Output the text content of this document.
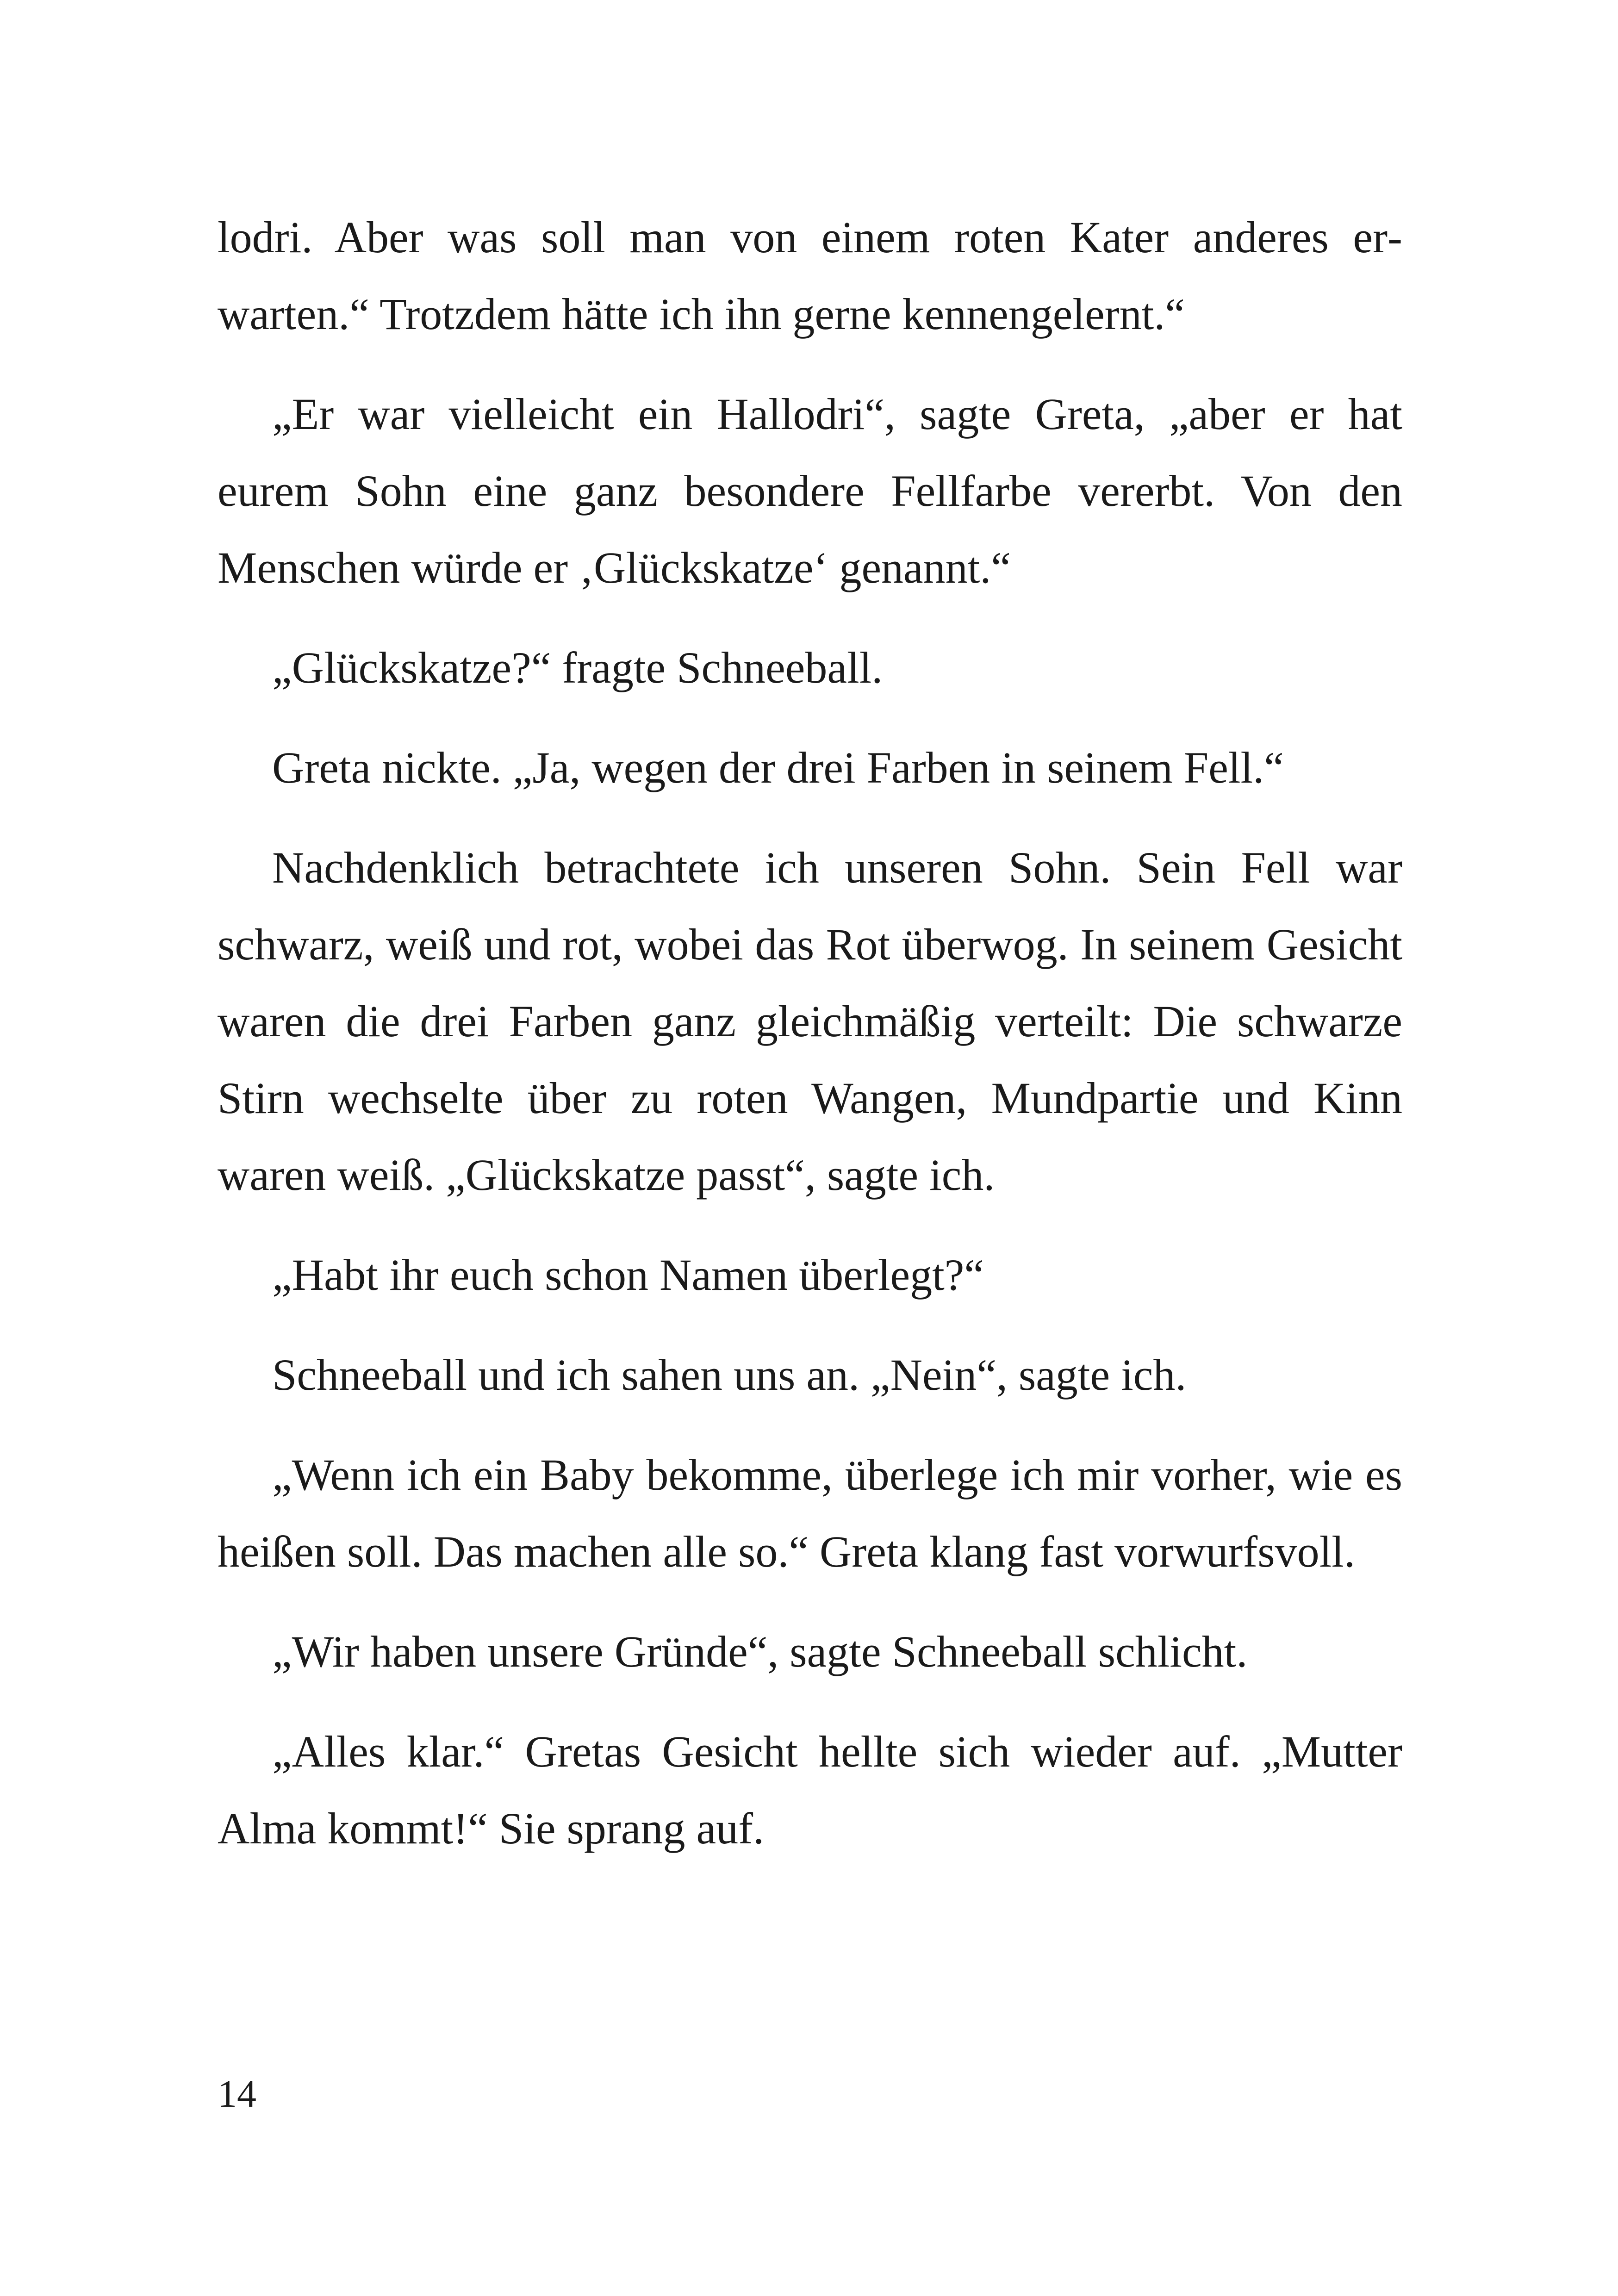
lodri. Aber was soll man von einem roten Kater anderes erwarten.“ Trotzdem hätte ich ihn gerne kennengelernt.“

„Er war vielleicht ein Hallodri“, sagte Greta, „aber er hat eurem Sohn eine ganz besondere Fellfarbe vererbt. Von den Menschen würde er ‚Glückskatze‘ genannt.“

„Glückskatze?“ fragte Schneeball.

Greta nickte. „Ja, wegen der drei Farben in seinem Fell.“

Nachdenklich betrachtete ich unseren Sohn. Sein Fell war schwarz, weiß und rot, wobei das Rot überwog. In seinem Gesicht waren die drei Farben ganz gleichmäßig verteilt: Die schwarze Stirn wechselte über zu roten Wangen, Mundpartie und Kinn waren weiß. „Glückskatze passt“, sagte ich.

„Habt ihr euch schon Namen überlegt?“

Schneeball und ich sahen uns an. „Nein“, sagte ich.

„Wenn ich ein Baby bekomme, überlege ich mir vorher, wie es heißen soll. Das machen alle so.“ Greta klang fast vorwurfsvoll.

„Wir haben unsere Gründe“, sagte Schneeball schlicht.

„Alles klar.“ Gretas Gesicht hellte sich wieder auf. „Mutter Alma kommt!“ Sie sprang auf.

14
